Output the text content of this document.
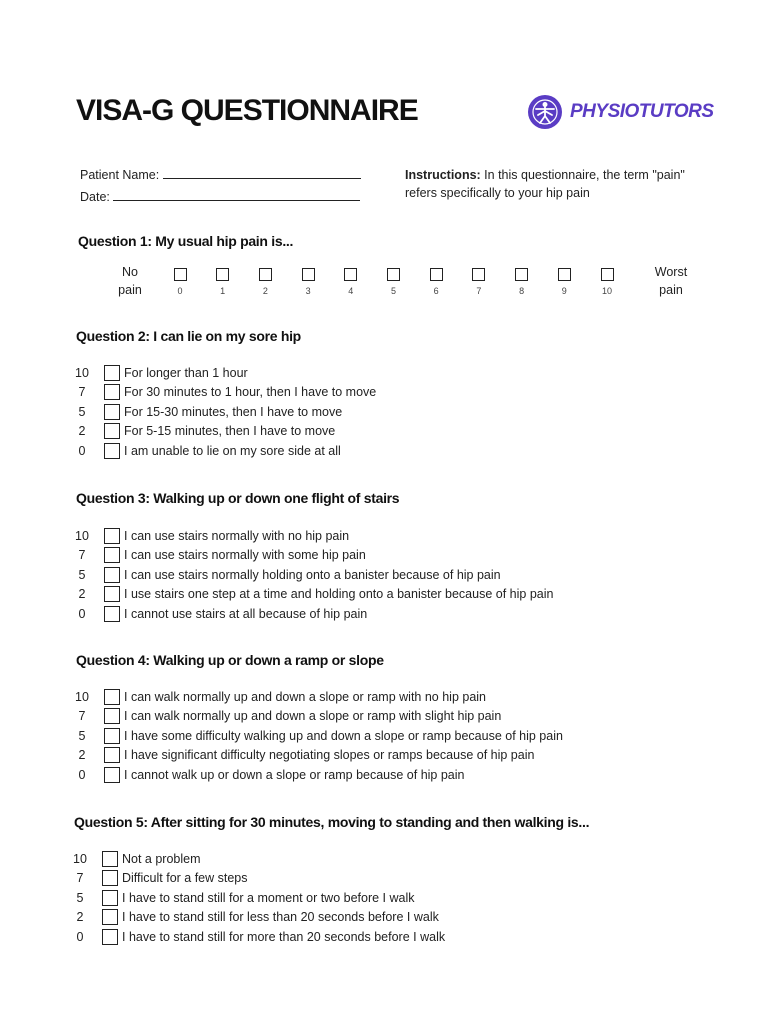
VISA-G QUESTIONNAIRE	PHYSIOTUTORS
Patient Name:
Date:
Instructions: In this questionnaire, the term "pain" refers specifically to your hip pain
Question 1: My usual hip pain is...
No
pain
Worst
pain
0	1	2	3	4	5	6	7	8	9	10
Question 2: I can lie on my sore hip
10	For longer than 1 hour
7	For 30 minutes to 1 hour, then I have to move
5	For 15-30 minutes, then I have to move
2	For 5-15 minutes, then I have to move
0	I am unable to lie on my sore side at all
Question 3: Walking up or down one flight of stairs
10	I can use stairs normally with no hip pain
7	I can use stairs normally with some hip pain
5	I can use stairs normally holding onto a banister because of hip pain
2	I use stairs one step at a time and holding onto a banister because of hip pain
0	I cannot use stairs at all because of hip pain
Question 4: Walking up or down a ramp or slope
10	I can walk normally up and down a slope or ramp with no hip pain
7	I can walk normally up and down a slope or ramp with slight hip pain
5	I have some difficulty walking up and down a slope or ramp because of hip pain
2	I have significant difficulty negotiating slopes or ramps because of hip pain
0	I cannot walk up or down a slope or ramp because of hip pain
Question 5: After sitting for 30 minutes, moving to standing and then walking is...
10	Not a problem
7	Difficult for a few steps
5	I have to stand still for a moment or two before I walk
2	I have to stand still for less than 20 seconds before I walk
0	I have to stand still for more than 20 seconds before I walk
